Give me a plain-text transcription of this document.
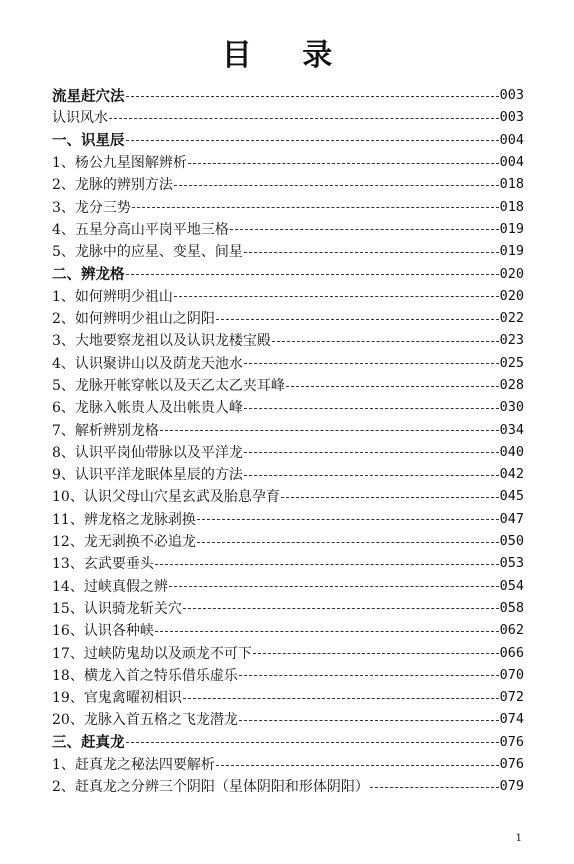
目 录
流星赶穴法	003
认识风水	003
一、识星辰	004
1、杨公九星图解辨析	004
2、龙脉的辨别方法	018
3、龙分三势	018
4、五星分高山平岗平地三格	019
5、龙脉中的应星、变星、间星	019
二、辨龙格	020
1、如何辨明少祖山	020
2、如何辨明少祖山之阴阳	022
3、大地要察龙祖以及认识龙楼宝殿	023
4、认识聚讲山以及荫龙天池水	025
5、龙脉开帐穿帐以及天乙太乙夹耳峰	028
6、龙脉入帐贵人及出帐贵人峰	030
7、解析辨别龙格	034
8、认识平岗仙带脉以及平洋龙	040
9、认识平洋龙眠体星辰的方法	042
10、认识父母山穴星玄武及胎息孕育	045
11、辨龙格之龙脉剥换	047
12、龙无剥换不必追龙	050
13、玄武要垂头	053
14、过峡真假之辨	054
15、认识骑龙斩关穴	058
16、认识各种峡	062
17、过峡防鬼劫以及顽龙不可下	066
18、横龙入首之特乐借乐虚乐	070
19、官鬼禽曜初相识	072
20、龙脉入首五格之飞龙潜龙	074
三、赶真龙	076
1、赶真龙之秘法四要解析	076
2、赶真龙之分辨三个阴阳（星体阴阳和形体阴阳）	079
1
